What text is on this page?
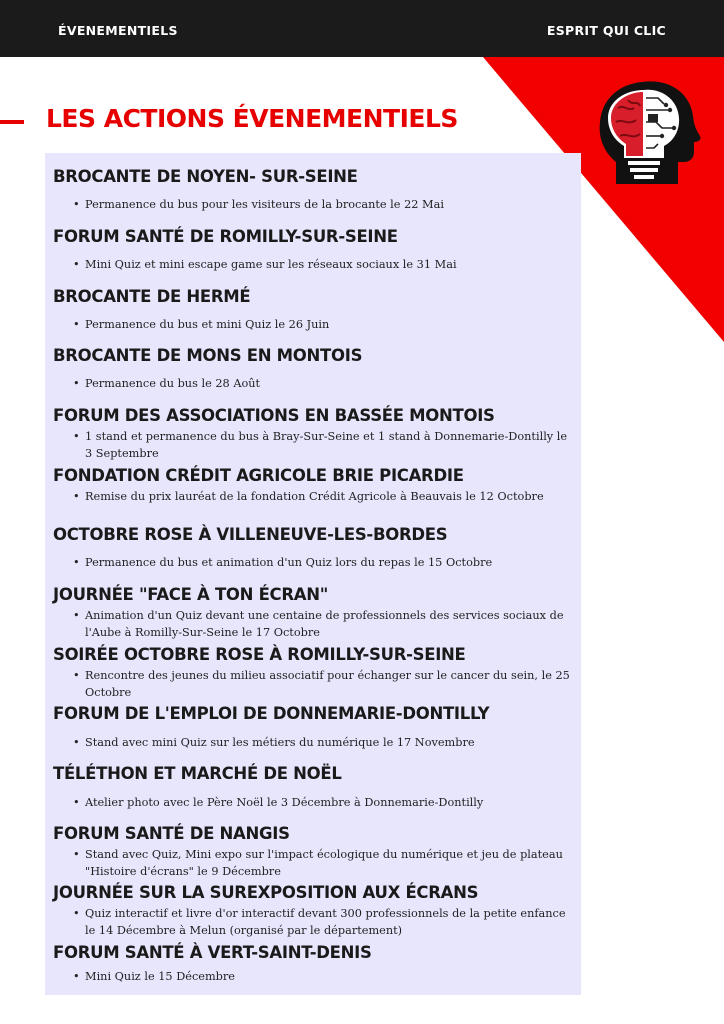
ÉVENEMENTIELS	ESPRIT QUI CLIC
LES ACTIONS ÉVENEMENTIELS
BROCANTE DE NOYEN- SUR-SEINE
• Permanence du bus pour les visiteurs de la brocante le 22 Mai
FORUM SANTÉ DE ROMILLY-SUR-SEINE
• Mini Quiz et mini escape game sur les réseaux sociaux le 31 Mai
BROCANTE DE HERMÉ
• Permanence du bus et mini Quiz le 26 Juin
BROCANTE DE MONS EN MONTOIS
• Permanence du bus le 28 Août
FORUM DES ASSOCIATIONS EN BASSÉE MONTOIS
• 1 stand et permanence du bus à Bray-Sur-Seine et 1 stand à Donnemarie-Dontilly le 3 Septembre
FONDATION CRÉDIT AGRICOLE BRIE PICARDIE
• Remise du prix lauréat de la fondation Crédit Agricole à Beauvais le 12 Octobre
OCTOBRE ROSE À VILLENEUVE-LES-BORDES
• Permanence du bus et animation d'un Quiz lors du repas le 15 Octobre
JOURNÉE "FACE À TON ÉCRAN"
• Animation d'un Quiz devant une centaine de professionnels des services sociaux de l'Aube à Romilly-Sur-Seine le 17 Octobre
SOIRÉE OCTOBRE ROSE À ROMILLY-SUR-SEINE
• Rencontre des jeunes du milieu associatif pour échanger sur le cancer du sein, le 25 Octobre
FORUM DE L'EMPLOI DE DONNEMARIE-DONTILLY
• Stand avec mini Quiz sur les métiers du numérique le 17 Novembre
TÉLÉTHON ET MARCHÉ DE NOËL
• Atelier photo avec le Père Noël le 3 Décembre à Donnemarie-Dontilly
FORUM SANTÉ DE NANGIS
• Stand avec Quiz, Mini expo sur l'impact écologique du numérique et jeu de plateau "Histoire d'écrans" le 9 Décembre
JOURNÉE SUR LA SUREXPOSITION AUX ÉCRANS
• Quiz interactif et livre d'or interactif devant 300 professionnels de la petite enfance le 14 Décembre à Melun (organisé par le département)
FORUM SANTÉ À VERT-SAINT-DENIS
• Mini Quiz le 15 Décembre
